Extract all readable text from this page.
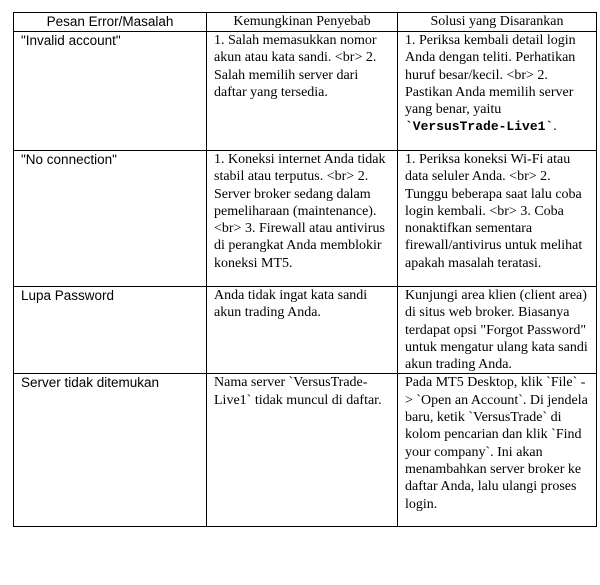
Pesan Error/Masalah	Kemungkinan Penyebab	Solusi yang Disarankan
"Invalid account"	1. Salah memasukkan nomor akun atau kata sandi. <br> 2. Salah memilih server dari daftar yang tersedia.	1. Periksa kembali detail login Anda dengan teliti. Perhatikan huruf besar/kecil. <br> 2. Pastikan Anda memilih server yang benar, yaitu `VersusTrade-Live1`.
"No connection"	1. Koneksi internet Anda tidak stabil atau terputus. <br> 2. Server broker sedang dalam pemeliharaan (maintenance). <br> 3. Firewall atau antivirus di perangkat Anda memblokir koneksi MT5.	1. Periksa koneksi Wi-Fi atau data seluler Anda. <br> 2. Tunggu beberapa saat lalu coba login kembali. <br> 3. Coba nonaktifkan sementara firewall/antivirus untuk melihat apakah masalah teratasi.
Lupa Password	Anda tidak ingat kata sandi akun trading Anda.	Kunjungi area klien (client area) di situs web broker. Biasanya terdapat opsi "Forgot Password" untuk mengatur ulang kata sandi akun trading Anda.
Server tidak ditemukan	Nama server `VersusTrade-Live1` tidak muncul di daftar.	Pada MT5 Desktop, klik `File` -> `Open an Account`. Di jendela baru, ketik `VersusTrade` di kolom pencarian dan klik `Find your company`. Ini akan menambahkan server broker ke daftar Anda, lalu ulangi proses login.
